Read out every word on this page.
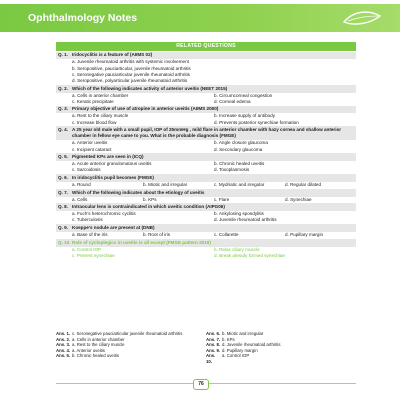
Ophthalmology Notes
RELATED QUESTIONS
Q. 1. Iridocyclitis is a feature of (AIIMS 02)
a. Juvenile rheumatoid arthritis with systemic involvement
b. Seropositive, pauciarticular, juvenile rheumatoid arthritis
c. Seronegative pauciarticular juvenile rheumatoid arthritis
d. Seropositive, polyarticular juvenile rheumatoid arthritis
Q. 2. Which of the following indicates activity of anterior uveitis (NEET 2015)
a. Cells in anterior chamber	b. Circumcorneal congestion
c. Keratic precipitate	d. Corneal edema
Q. 3. Primary objective of use of atropine in anterior uveitis (AIIMS 2000)
a. Rest to the ciliary muscle	b. Increase supply of antibody
c. Increase blood flow	d. Prevents posterior synechiae formation
Q. 4. A 25 year old male with a small pupil, IOP of 25mmHg , mild flare in anterior chamber with hazy cornea and shallow anterior chamber in fellow eye came to you. What is the probable diagnosis (FMGE)
a. Anterior uveitis	b. Angle closure glaucoma
c. Incipient cataract	d. Secondary glaucoma
Q. 5. Pigmented KPs are seen in (ICQ)
a. Acute anterior granulomatous uveitis	b. Chronic healed uveitis
c. Sarcoidosis	d. Toxoplasmosis
Q. 6. In iridocyclitis pupil becomes (FMGE)
a. Round	b. Miotic and irregular	c. Mydriatic and irregular	d. Regular dilated
Q. 7. Which of the following indicates about the etiology of uveitis
a. Cells	b. KPs	c. Flare	d. Synechiae
Q. 8. Intraocular lens is contraindicated in which uveitic condition (AIPG06)
a. Fuch's heterochromic cyclitis	b. Ankylosing spondylitis
c. Tuberculosis	d. Juvenile rheumatoid arthritis
Q. 9. Koeppe's nodule are present at (DNB)
a. Base of the iris	b. Root of iris	c. Collarette	d. Pupillary margin
Q. 10. Role of cycloplegics in uveitis is all except (FMGE pattern 2019)
a. Control IOP	b. Relax ciliary muscle
c. Prevent synechiae	d. Break already formed synechiae
Ans. 1. c. Seronegative pauciarticular juvenile rheumatoid arthritis
Ans. 2. a. Cells in anterior chamber
Ans. 3. a. Rest to the ciliary muscle
Ans. 4. a. Anterior uveitis
Ans. 5. b. Chronic healed uveitis
Ans. 6. b. Miotic and irregular
Ans. 7. b. KPs
Ans. 8. d. Juvenile rheumatoid arthritis
Ans. 9. d. Pupillary margin
Ans. 10.
a. Control IOP
76
